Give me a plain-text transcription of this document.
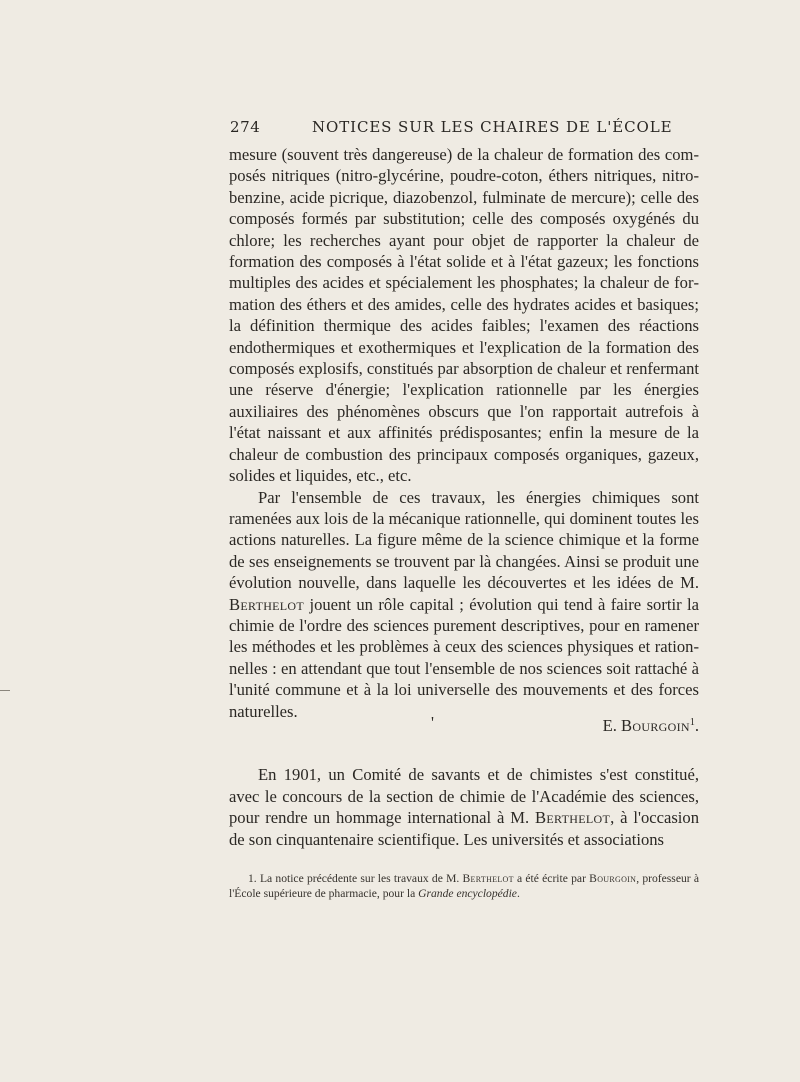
274	NOTICES SUR LES CHAIRES DE L'ÉCOLE

mesure (souvent très dangereuse) de la chaleur de formation des composés nitriques (nitro-glycérine, poudre-coton, éthers nitriques, nitrobenzine, acide picrique, diazobenzol, fulminate de mercure); celle des composés formés par substitution; celle des composés oxygénés du chlore; les recherches ayant pour objet de rapporter la chaleur de formation des composés à l'état solide et à l'état gazeux; les fonctions multiples des acides et spécialement les phosphates; la chaleur de formation des éthers et des amides, celle des hydrates acides et basiques; la définition thermique des acides faibles; l'examen des réactions endothermiques et exothermiques et l'explication de la formation des composés explosifs, constitués par absorption de chaleur et renfermant une réserve d'énergie; l'explication rationnelle par les énergies auxiliaires des phénomènes obscurs que l'on rapportait autrefois à l'état naissant et aux affinités prédisposantes; enfin la mesure de la chaleur de combustion des principaux composés organiques, gazeux, solides et liquides, etc., etc.

Par l'ensemble de ces travaux, les énergies chimiques sont ramenées aux lois de la mécanique rationnelle, qui dominent toutes les actions naturelles. La figure même de la science chimique et la forme de ses enseignements se trouvent par là changées. Ainsi se produit une évolution nouvelle, dans laquelle les découvertes et les idées de M. Berthelot jouent un rôle capital ; évolution qui tend à faire sortir la chimie de l'ordre des sciences purement descriptives, pour en ramener les méthodes et les problèmes à ceux des sciences physiques et rationnelles : en attendant que tout l'ensemble de nos sciences soit rattaché à l'unité commune et à la loi universelle des mouvements et des forces naturelles.

'	E. Bourgoin$^1$.

En 1901, un Comité de savants et de chimistes s'est constitué, avec le concours de la section de chimie de l'Académie des sciences, pour rendre un hommage international à M. Berthelot, à l'occasion de son cinquantenaire scientifique. Les universités et associations

1. La notice précédente sur les travaux de M. Berthelot a été écrite par Bourgoin, professeur à l'École supérieure de pharmacie, pour la Grande encyclopédie.
